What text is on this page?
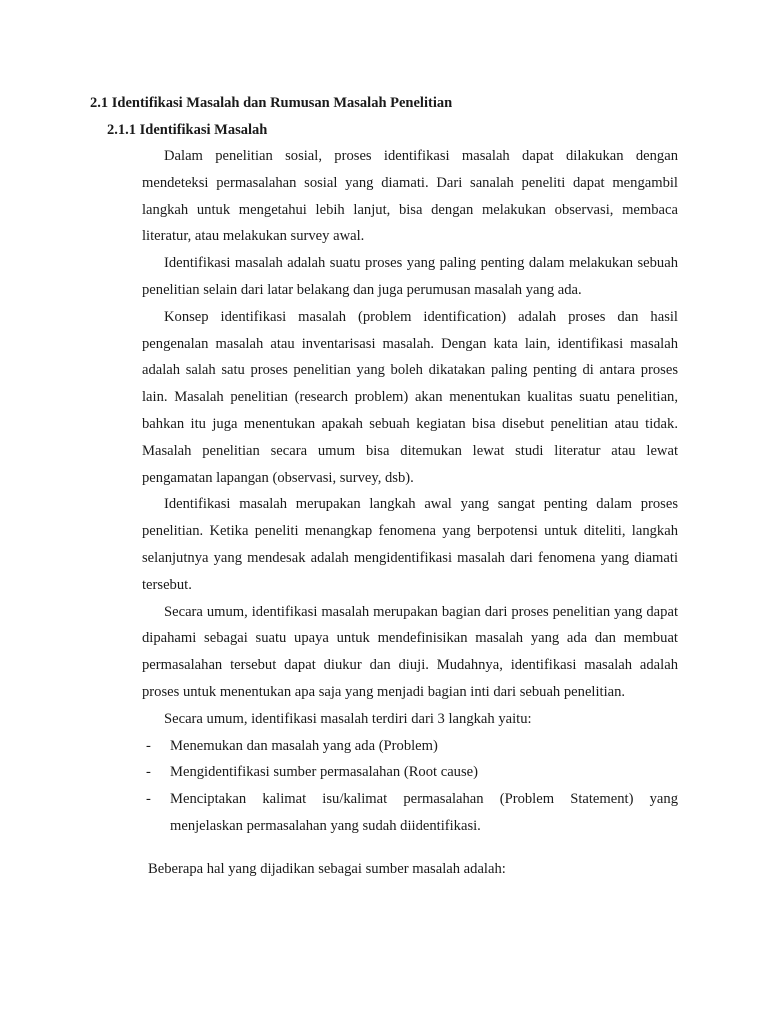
2.1 Identifikasi Masalah dan Rumusan Masalah Penelitian
2.1.1 Identifikasi Masalah

Dalam penelitian sosial, proses identifikasi masalah dapat dilakukan dengan mendeteksi permasalahan sosial yang diamati. Dari sanalah peneliti dapat mengambil langkah untuk mengetahui lebih lanjut, bisa dengan melakukan observasi, membaca literatur, atau melakukan survey awal.

Identifikasi masalah adalah suatu proses yang paling penting dalam melakukan sebuah penelitian selain dari latar belakang dan juga perumusan masalah yang ada.

Konsep identifikasi masalah (problem identification) adalah proses dan hasil pengenalan masalah atau inventarisasi masalah. Dengan kata lain, identifikasi masalah adalah salah satu proses penelitian yang boleh dikatakan paling penting di antara proses lain. Masalah penelitian (research problem) akan menentukan kualitas suatu penelitian, bahkan itu juga menentukan apakah sebuah kegiatan bisa disebut penelitian atau tidak. Masalah penelitian secara umum bisa ditemukan lewat studi literatur atau lewat pengamatan lapangan (observasi, survey, dsb).

Identifikasi masalah merupakan langkah awal yang sangat penting dalam proses penelitian. Ketika peneliti menangkap fenomena yang berpotensi untuk diteliti, langkah selanjutnya yang mendesak adalah mengidentifikasi masalah dari fenomena yang diamati tersebut.

Secara umum, identifikasi masalah merupakan bagian dari proses penelitian yang dapat dipahami sebagai suatu upaya untuk mendefinisikan masalah yang ada dan membuat permasalahan tersebut dapat diukur dan diuji. Mudahnya, identifikasi masalah adalah proses untuk menentukan apa saja yang menjadi bagian inti dari sebuah penelitian.

Secara umum, identifikasi masalah terdiri dari 3 langkah yaitu:

- Menemukan dan masalah yang ada (Problem)
- Mengidentifikasi sumber permasalahan (Root cause)
- Menciptakan kalimat isu/kalimat permasalahan (Problem Statement) yang menjelaskan permasalahan yang sudah diidentifikasi.

Beberapa hal yang dijadikan sebagai sumber masalah adalah:
